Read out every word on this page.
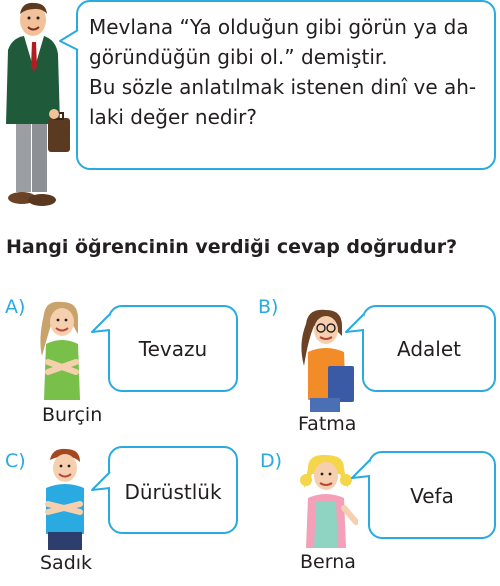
Mevlana “Ya olduğun gibi görün ya da
göründüğün gibi ol.” demiştir.
Bu sözle anlatılmak istenen dinî ve ah-
laki değer nedir?
Hangi öğrencinin verdiği cevap doğrudur?
A)
Tevazu
Burçin
B)
Adalet
Fatma
C)
Dürüstlük
Sadık
D)
Vefa
Berna
